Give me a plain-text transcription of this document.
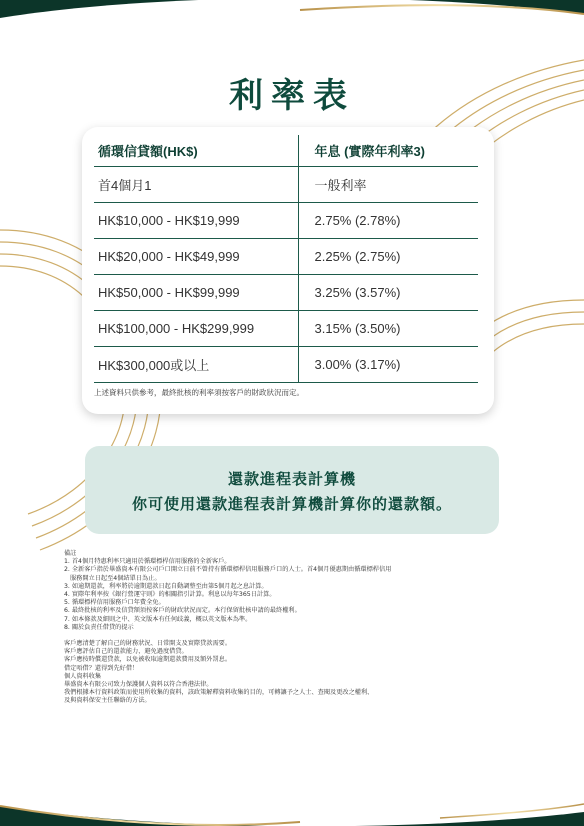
利率表
循環信貸額(HK$)	年息 (實際年利率3)
首4個月1	一般利率
HK$10,000 - HK$19,999	2.75% (2.78%)
HK$20,000 - HK$49,999	2.25% (2.75%)
HK$50,000 - HK$99,999	3.25% (3.57%)
HK$100,000 - HK$299,999	3.15% (3.50%)
HK$300,000或以上	3.00% (3.17%)
上述資料只供參考，最終批核的利率須按客戶的財政狀況而定。
還款進程表計算機
你可使用還款進程表計算機計算你的還款額。
備註
1. 首4個月特惠利率只適用於循環標桿信用服務的全新客戶。
2. 全新客戶指於畢盛資本有限公司戶口開立日前不曾持有循環標桿信用服務戶口的人士。首4個月優惠期由循環標桿信用
服務開立日起至4個結單日為止。
3. 如逾期還款，利率將於逾期還款日起自動調整至由第5個月起之息計算。
4. 實際年利率按《銀行營運守則》的相關指引計算。利息以每年365日計算。
5. 循環標桿信用服務戶口年費全免。
6. 最終批核的利率及信貸額須按客戶的財政狀況而定。本行保留批核申請的最終權利。
7. 如本條款及細則之中、英文版本有任何歧義，概以英文版本為準。
8. 關於負責任借貸的提示
客戶應清楚了解自己的財務狀況、日常開支及實際貸款需要。
客戶應評估自己的還款能力，避免過度借貸。
客戶應按時償還貸款，以免被收取逾期還款費用及額外罰息。
借定唔借？還得到先好借！
個人資料收集
畢盛資本有限公司致力保護個人資料以符合香港法律。
我們根據本行資料政策而使用所收集的資料，該政策解釋資料收集的目的，可轉讓予之人士、查閱及更改之權利、
及與資料保安主任聯絡的方法。
